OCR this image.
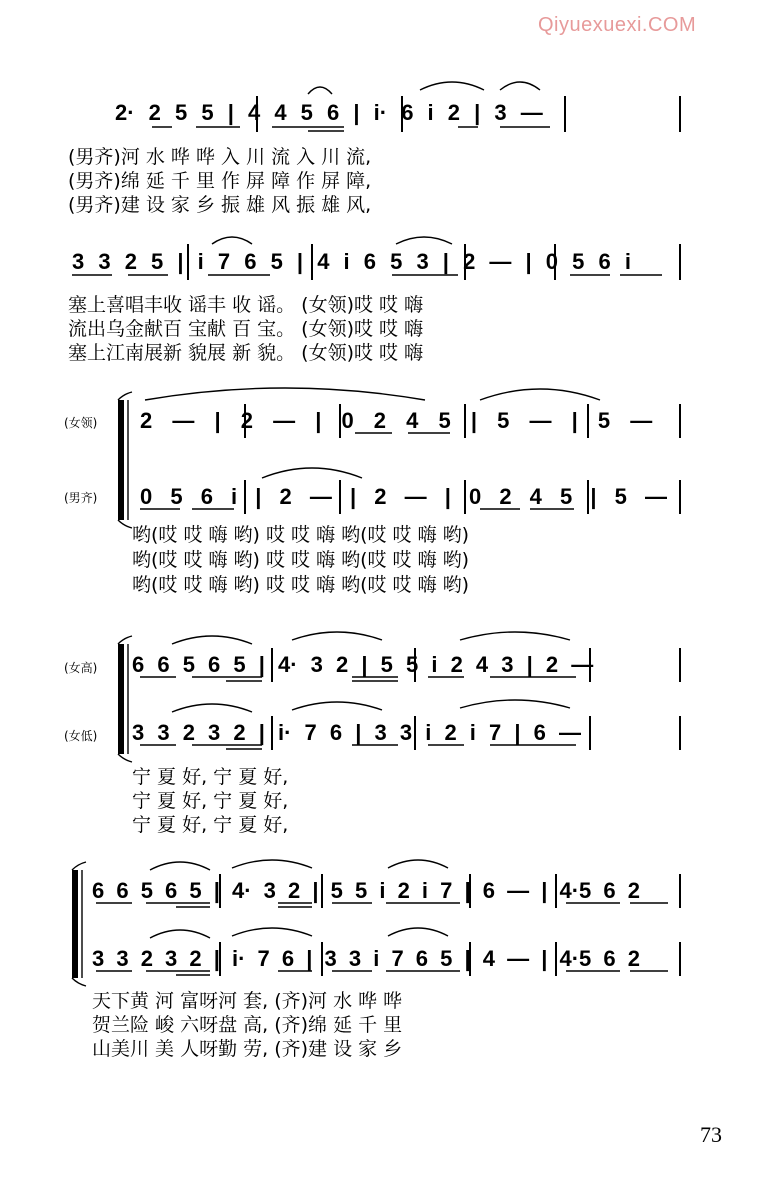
Qiyuexuexi.COM
2· 2 5 5 | 4 4 5 6 | i· 6 i 2 | 3 —
(男齐)河 水 哗 哗 入 川 流 入 川 流,
(男齐)绵 延 千 里 作 屏 障 作 屏 障,
(男齐)建 设 家 乡 振 雄 风 振 雄 风,
3 3 2 5 | i 7 6 5 | 4 i 6 5 3 | 2 — | 0 5 6 i
塞上喜唱丰收 谣丰 收 谣。 (女领)哎 哎 嗨
流出乌金献百 宝献 百 宝。 (女领)哎 哎 嗨
塞上江南展新 貌展 新 貌。 (女领)哎 哎 嗨
(女领)
(男齐)
2 — | 2 — | 0 2 4 5 | 5 — | 5 —
0 5 6 i | 2 — | 2 — | 0 2 4 5 | 5 —
哟(哎 哎 嗨 哟) 哎 哎 嗨 哟(哎 哎 嗨 哟)
哟(哎 哎 嗨 哟) 哎 哎 嗨 哟(哎 哎 嗨 哟)
哟(哎 哎 嗨 哟) 哎 哎 嗨 哟(哎 哎 嗨 哟)
(女高)
(女低)
6 6 5 6 5 | 4· 3 2 | 5 5 i 2 4 3 | 2 —
3 3 2 3 2 | i· 7 6 | 3 3 i 2 i 7 | 6 —
宁 夏 好, 宁 夏 好,
宁 夏 好, 宁 夏 好,
宁 夏 好, 宁 夏 好,
6 6 5 6 5 | 4· 3 2 | 5 5 i 2 i 7 | 6 — | 4·5 6 2
3 3 2 3 2 | i· 7 6 | 3 3 i 7 6 5 | 4 — | 4·5 6 2
天下黄 河 富呀河 套, (齐)河 水 哗 哗
贺兰险 峻 六呀盘 高, (齐)绵 延 千 里
山美川 美 人呀勤 劳, (齐)建 设 家 乡
73
